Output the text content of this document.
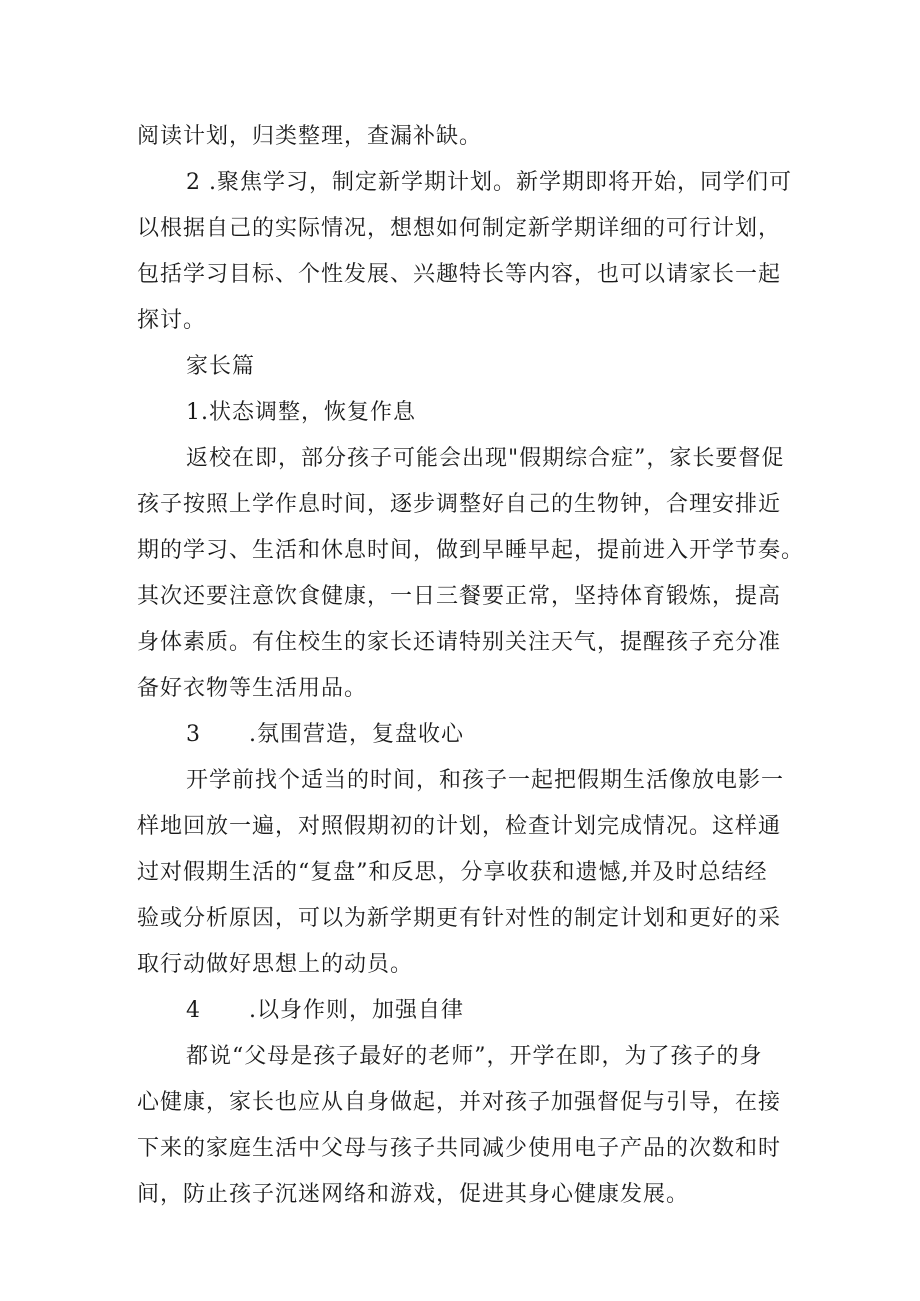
阅读计划，归类整理，查漏补缺。
2 .聚焦学习，制定新学期计划。新学期即将开始，同学们可
以根据自己的实际情况，想想如何制定新学期详细的可行计划，
包括学习目标、个性发展、兴趣特长等内容，也可以请家长一起
探讨。
家长篇
1.状态调整，恢复作息
返校在即，部分孩子可能会出现"假期综合症”，家长要督促
孩子按照上学作息时间，逐步调整好自己的生物钟，合理安排近
期的学习、生活和休息时间，做到早睡早起，提前进入开学节奏。
其次还要注意饮食健康，一日三餐要正常，坚持体育锻炼，提高
身体素质。有住校生的家长还请特别关注天气，提醒孩子充分准
备好衣物等生活用品。
3 .氛围营造，复盘收心
开学前找个适当的时间，和孩子一起把假期生活像放电影一
样地回放一遍，对照假期初的计划，检查计划完成情况。这样通
过对假期生活的“复盘”和反思，分享收获和遗憾,并及时总结经
验或分析原因，可以为新学期更有针对性的制定计划和更好的采
取行动做好思想上的动员。
4 .以身作则，加强自律
都说“父母是孩子最好的老师”，开学在即，为了孩子的身
心健康，家长也应从自身做起，并对孩子加强督促与引导，在接
下来的家庭生活中父母与孩子共同减少使用电子产品的次数和时
间，防止孩子沉迷网络和游戏，促进其身心健康发展。
